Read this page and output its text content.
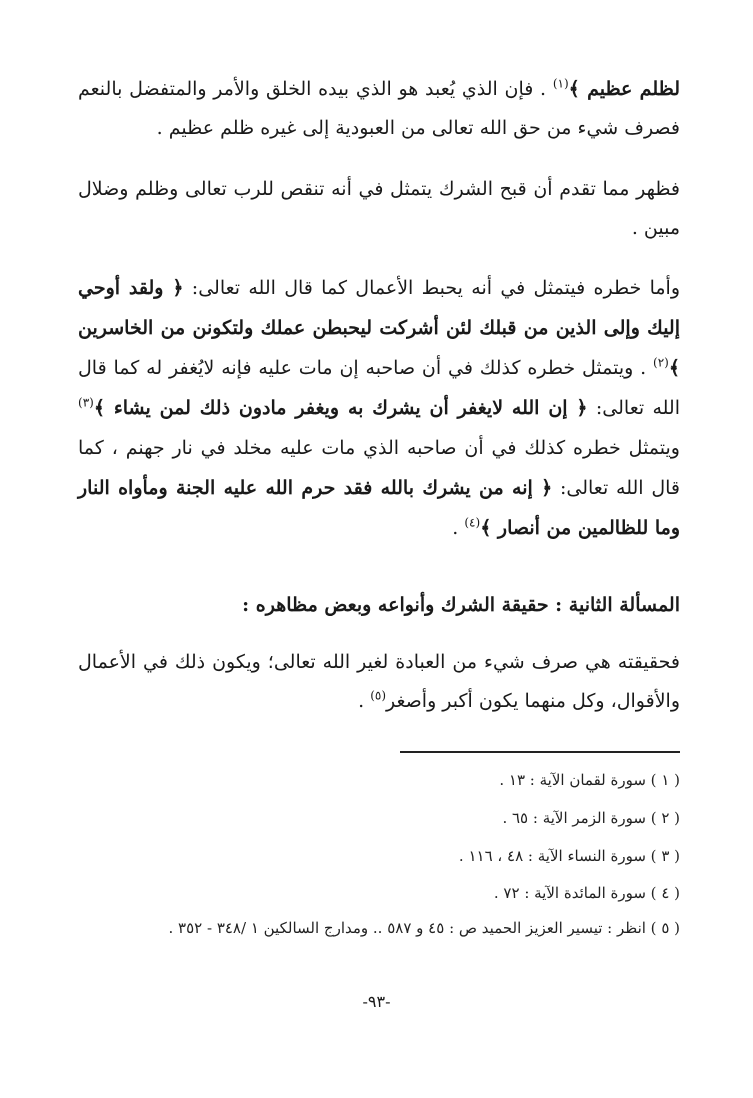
لظلم عظيم ﴾$^{(١)}$ . فإن الذي يُعبد هو الذي بيده الخلق والأمر والمتفضل بالنعم فصرف شيء من حق الله تعالى من العبودية إلى غيره ظلم عظيم .
فظهر مما تقدم أن قبح الشرك يتمثل في أنه تنقص للرب تعالى وظلم وضلال مبين .
وأما خطره فيتمثل في أنه يحبط الأعمال كما قال الله تعالى: ﴿ ولقد أوحي إليك وإلى الذين من قبلك لئن أشركت ليحبطن عملك ولتكونن من الخاسرين ﴾$^{(٢)}$ . ويتمثل خطره كذلك في أن صاحبه إن مات عليه فإنه لايُغفر له كما قال الله تعالى: ﴿ إن الله لايغفر أن يشرك به ويغفر مادون ذلك لمن يشاء ﴾$^{(٣)}$ ويتمثل خطره كذلك في أن صاحبه الذي مات عليه مخلد في نار جهنم ، كما قال الله تعالى: ﴿ إنه من يشرك بالله فقد حرم الله عليه الجنة ومأواه النار وما للظالمين من أنصار ﴾$^{(٤)}$ .
المسألة الثانية : حقيقة الشرك وأنواعه وبعض مظاهره :
فحقيقته هي صرف شيء من العبادة لغير الله تعالى؛ ويكون ذلك في الأعمال والأقوال، وكل منهما يكون أكبر وأصغر$^{(٥)}$ .
( ١ ) سورة لقمان الآية : ١٣ .
( ٢ ) سورة الزمر الآية : ٦٥ .
( ٣ ) سورة النساء الآية : ٤٨ ، ١١٦ .
( ٤ ) سورة المائدة الآية : ٧٢ .
( ٥ ) انظر : تيسير العزيز الحميد ص : ٤٥ و ٥٨٧ .. ومدارج السالكين ١ /٣٤٨ - ٣٥٢ .
-٩٣-
